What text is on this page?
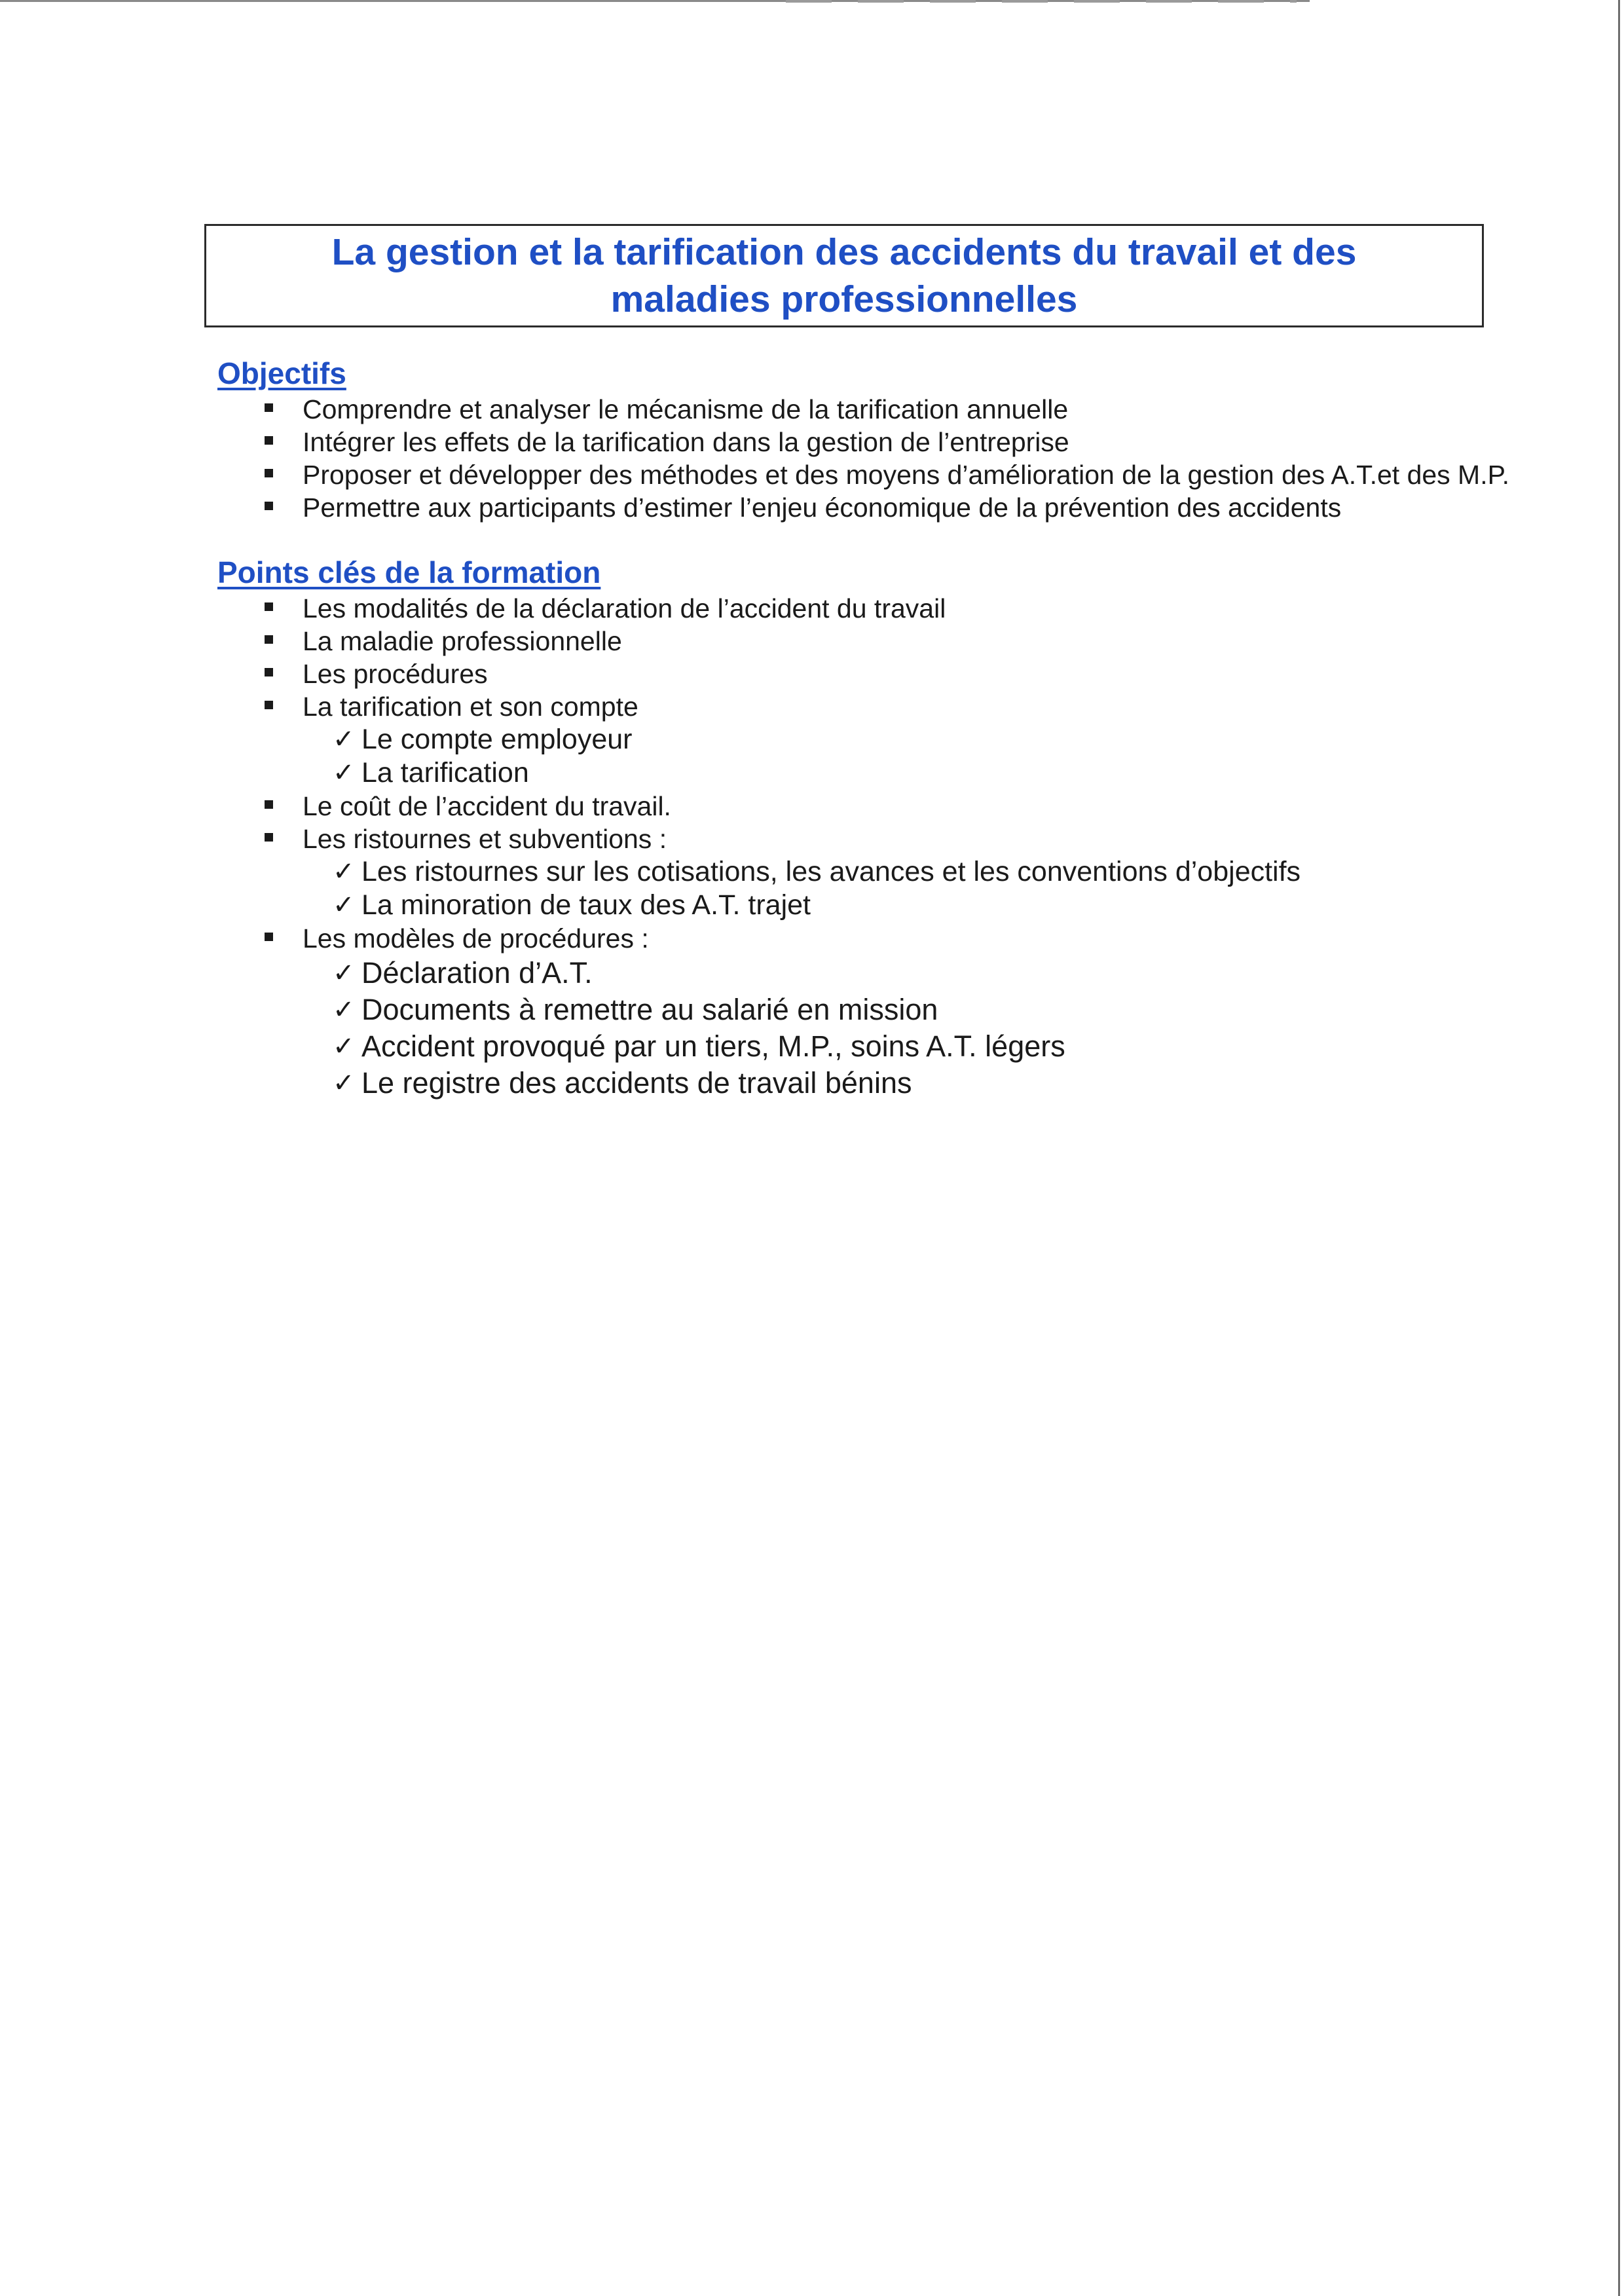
La gestion et la tarification des accidents du travail et des
maladies professionnelles
Objectifs
Comprendre et analyser le mécanisme de la tarification annuelle
Intégrer les effets de la tarification dans la gestion de l’entreprise
Proposer et développer des méthodes et des moyens d’amélioration de la gestion des A.T.et des M.P.
Permettre aux participants d’estimer l’enjeu économique de la prévention des accidents
Points clés de la formation
Les modalités de la déclaration de l’accident du travail
La maladie professionnelle
Les procédures
La tarification et son compte
✓ Le compte employeur
✓ La tarification
Le coût de l’accident du travail.
Les ristournes et subventions :
✓ Les ristournes sur les cotisations, les avances et les conventions d’objectifs
✓ La minoration de taux des A.T. trajet
Les modèles de procédures :
✓ Déclaration d’A.T.
✓ Documents à remettre au salarié en mission
✓ Accident provoqué par un tiers, M.P., soins A.T. légers
✓ Le registre des accidents de travail bénins
